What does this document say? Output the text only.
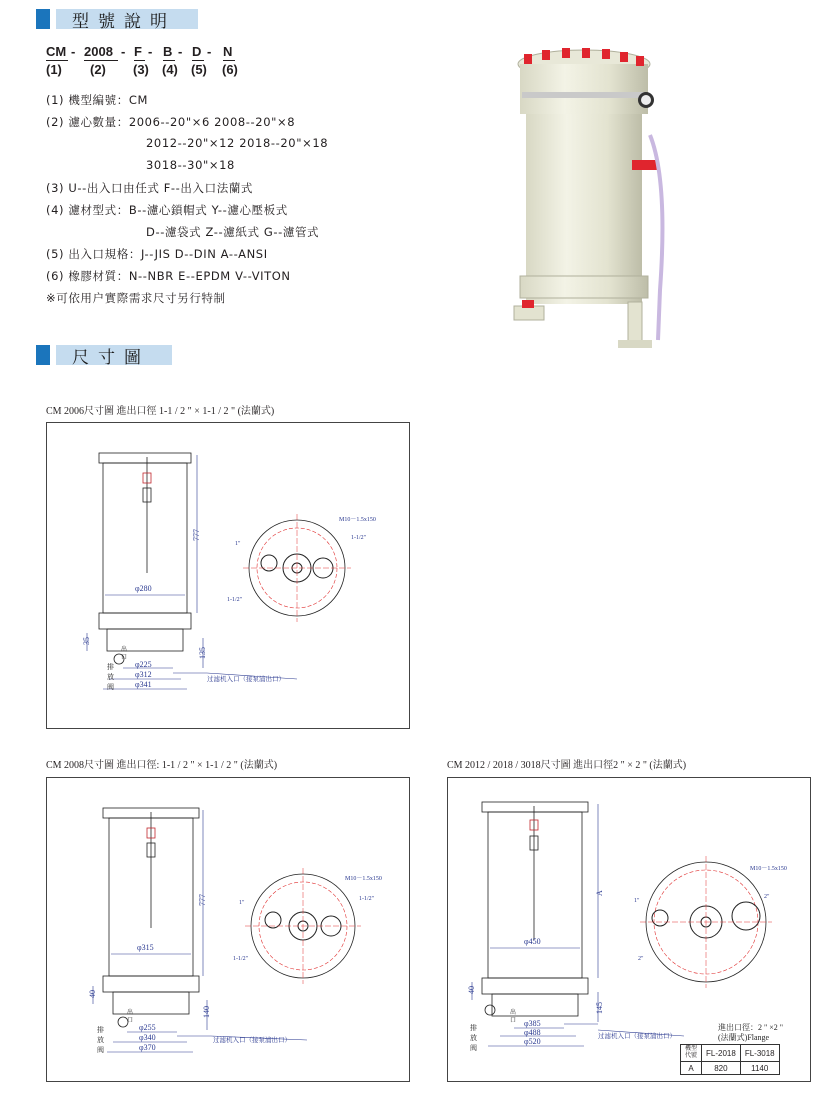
型號說明
CM - 2008 - F - B - D - N
(1) (2) (3) (4) (5) (6)
(1) 機型編號：CM
(2) 濾心數量：2006--20"×6 2008--20"×8
2012--20"×12 2018--20"×18
3018--30"×18
(3) U--出入口由任式 F--出入口法蘭式
(4) 濾材型式：B--濾心鎖帽式 Y--濾心壓板式
D--濾袋式 Z--濾紙式 G--濾管式
(5) 出入口規格：J--JIS D--DIN A--ANSI
(6) 橡膠材質：N--NBR E--EPDM V--VITON
※可依用户實際需求尺寸另行特制
尺寸圖
CM 2006尺寸圖 進出口徑 1-1 / 2 " × 1-1 / 2 " (法蘭式)
777
φ280
φ225
φ312
φ341
135
35
过滤机入口（接泵浦出口）
排
放
阀
出
口
M10－1.5x150
1-1/2"
1-1/2"
1"
CM 2008尺寸圖 進出口徑: 1-1 / 2 " × 1-1 / 2 " (法蘭式)
777
φ315
φ255
φ340
φ370
140
40
过滤机入口（接泵浦出口）
排
放
阀
出
口
M10－1.5x150
1-1/2"
1-1/2"
1"
CM 2012 / 2018 / 3018尺寸圖 進出口徑2 " × 2 " (法蘭式)
A
φ450
φ385
φ488
φ520
145
40
过滤机入口（接泵浦出口）
排
放
阀
出
口
M10－1.5x150
2"
2"
1"
進出口徑：2 " ×2 "
(法蘭式)Flange
機型
代號	FL-2018	FL-3018
A	820	1140
